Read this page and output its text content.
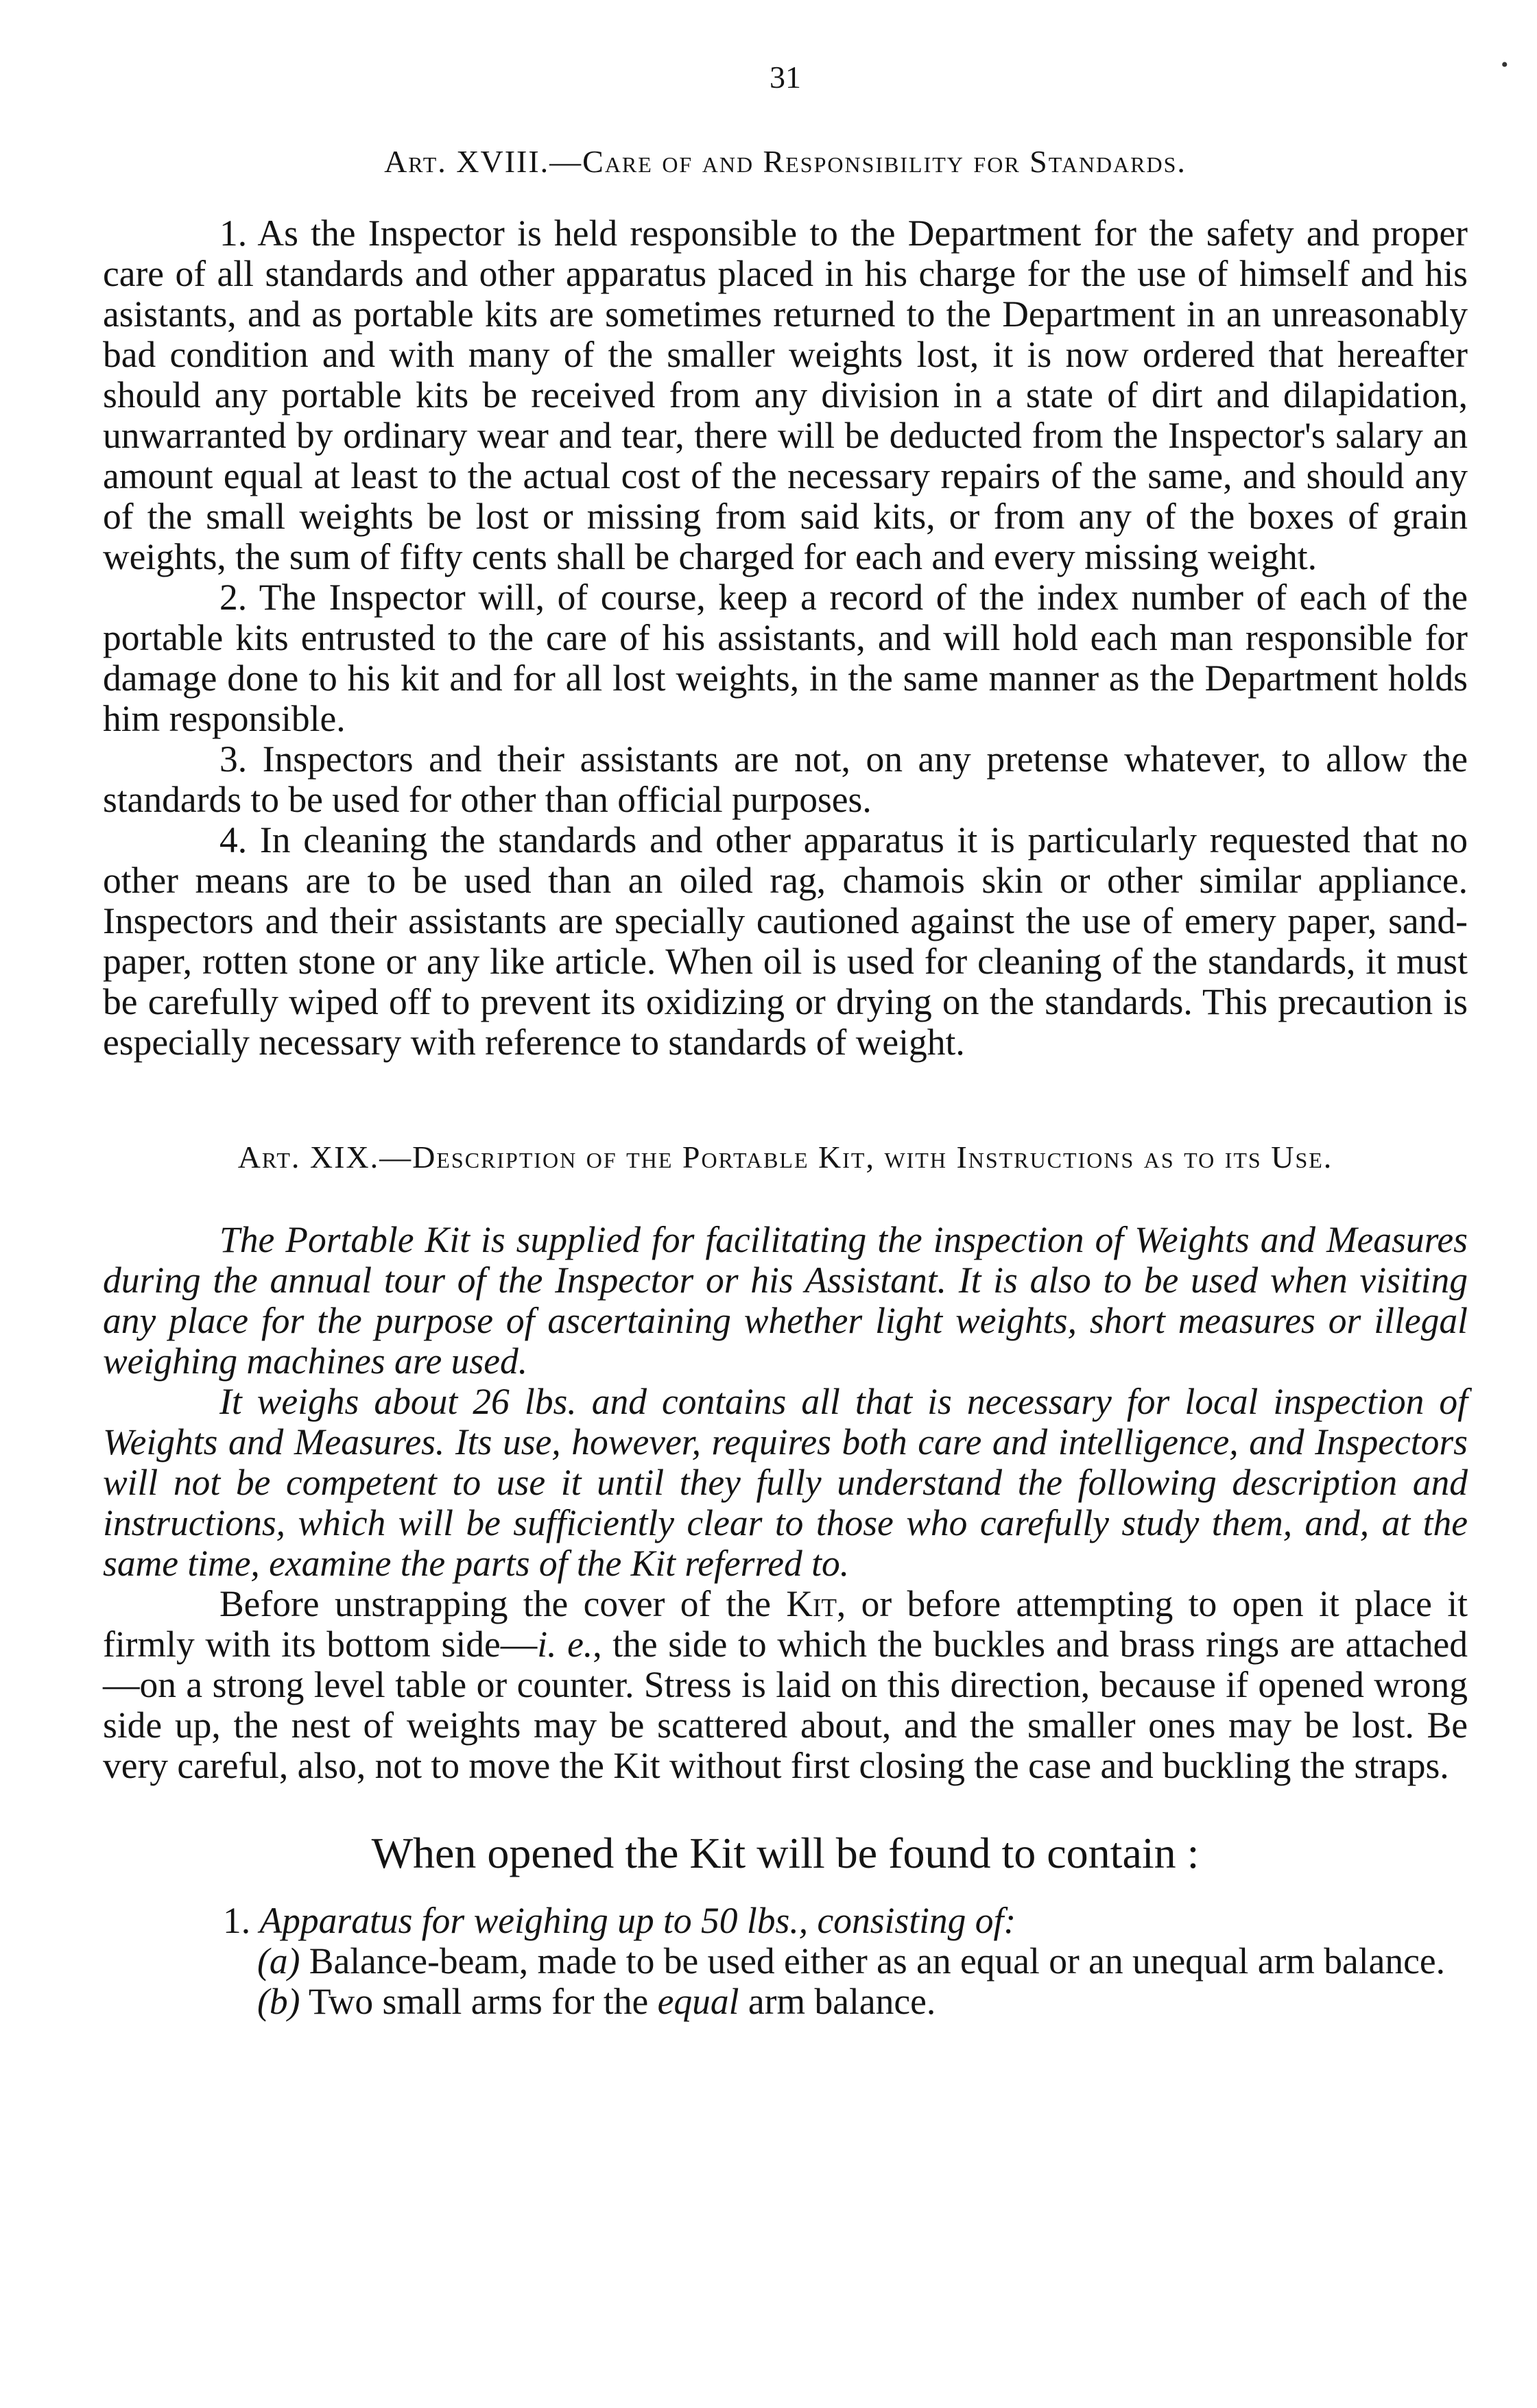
•
31
Art. XVIII.—Care of and Responsibility for Standards.

1. As the Inspector is held responsible to the Department for the safety and proper care of all standards and other apparatus placed in his charge for the use of himself and his asistants, and as portable kits are sometimes returned to the Department in an unreasonably bad condition and with many of the smaller weights lost, it is now ordered that hereafter should any portable kits be received from any division in a state of dirt and dilapidation, unwarranted by ordinary wear and tear, there will be deducted from the Inspector's salary an amount equal at least to the actual cost of the necessary repairs of the same, and should any of the small weights be lost or missing from said kits, or from any of the boxes of grain weights, the sum of fifty cents shall be charged for each and every missing weight.

2. The Inspector will, of course, keep a record of the index number of each of the portable kits entrusted to the care of his assistants, and will hold each man responsible for damage done to his kit and for all lost weights, in the same manner as the Department holds him responsible.

3. Inspectors and their assistants are not, on any pretense whatever, to allow the standards to be used for other than official purposes.

4. In cleaning the standards and other apparatus it is particularly requested that no other means are to be used than an oiled rag, chamois skin or other similar appliance. Inspectors and their assistants are specially cautioned against the use of emery paper, sand-paper, rotten stone or any like article. When oil is used for cleaning of the standards, it must be carefully wiped off to prevent its oxidizing or drying on the standards. This precaution is especially necessary with reference to standards of weight.

Art. XIX.—Description of the Portable Kit, with Instructions as to its Use.

The Portable Kit is supplied for facilitating the inspection of Weights and Measures during the annual tour of the Inspector or his Assistant. It is also to be used when visiting any place for the purpose of ascertaining whether light weights, short measures or illegal weighing machines are used.

It weighs about 26 lbs. and contains all that is necessary for local inspection of Weights and Measures. Its use, however, requires both care and intelligence, and Inspectors will not be competent to use it until they fully understand the following description and instructions, which will be sufficiently clear to those who carefully study them, and, at the same time, examine the parts of the Kit referred to.

Before unstrapping the cover of the Kit, or before attempting to open it place it firmly with its bottom side—i. e., the side to which the buckles and brass rings are attached—on a strong level table or counter. Stress is laid on this direction, because if opened wrong side up, the nest of weights may be scattered about, and the smaller ones may be lost. Be very careful, also, not to move the Kit without first closing the case and buckling the straps.

When opened the Kit will be found to contain :

1. Apparatus for weighing up to 50 lbs., consisting of:

(a) Balance-beam, made to be used either as an equal or an unequal arm balance.

(b) Two small arms for the equal arm balance.
